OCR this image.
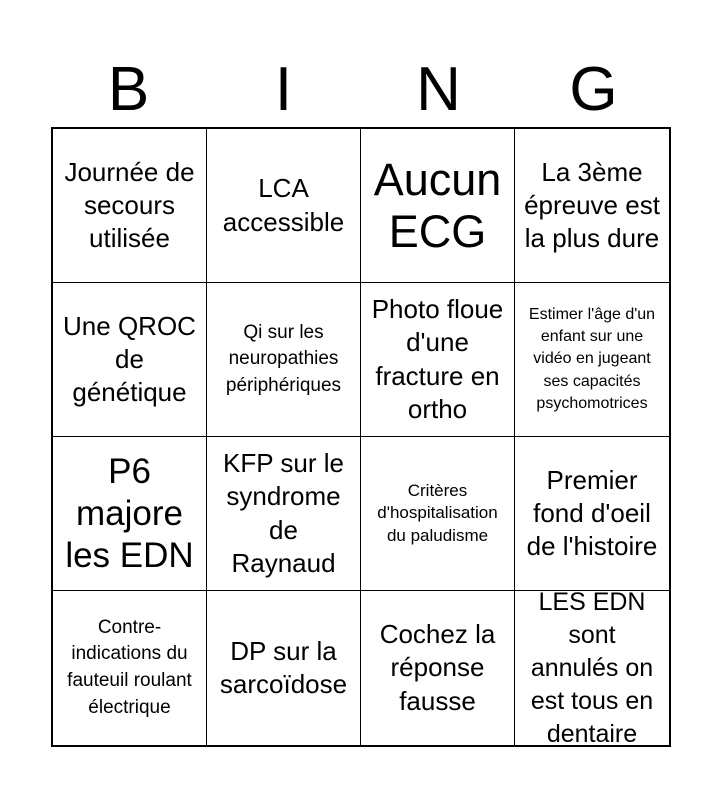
B	I	N	G
Journée de secours utilisée
LCA accessible
Aucun ECG
La 3ème épreuve est la plus dure
Une QROC de génétique
Qi sur les neuropathies périphériques
Photo floue d'une fracture en ortho
Estimer l'âge d'un enfant sur une vidéo en jugeant ses capacités psychomotrices
P6 majore les EDN
KFP sur le syndrome de Raynaud
Critères d'hospitalisation du paludisme
Premier fond d'oeil de l'histoire
Contre-indications du fauteuil roulant électrique
DP sur la sarcoïdose
Cochez la réponse fausse
LES EDN sont annulés on est tous en dentaire
